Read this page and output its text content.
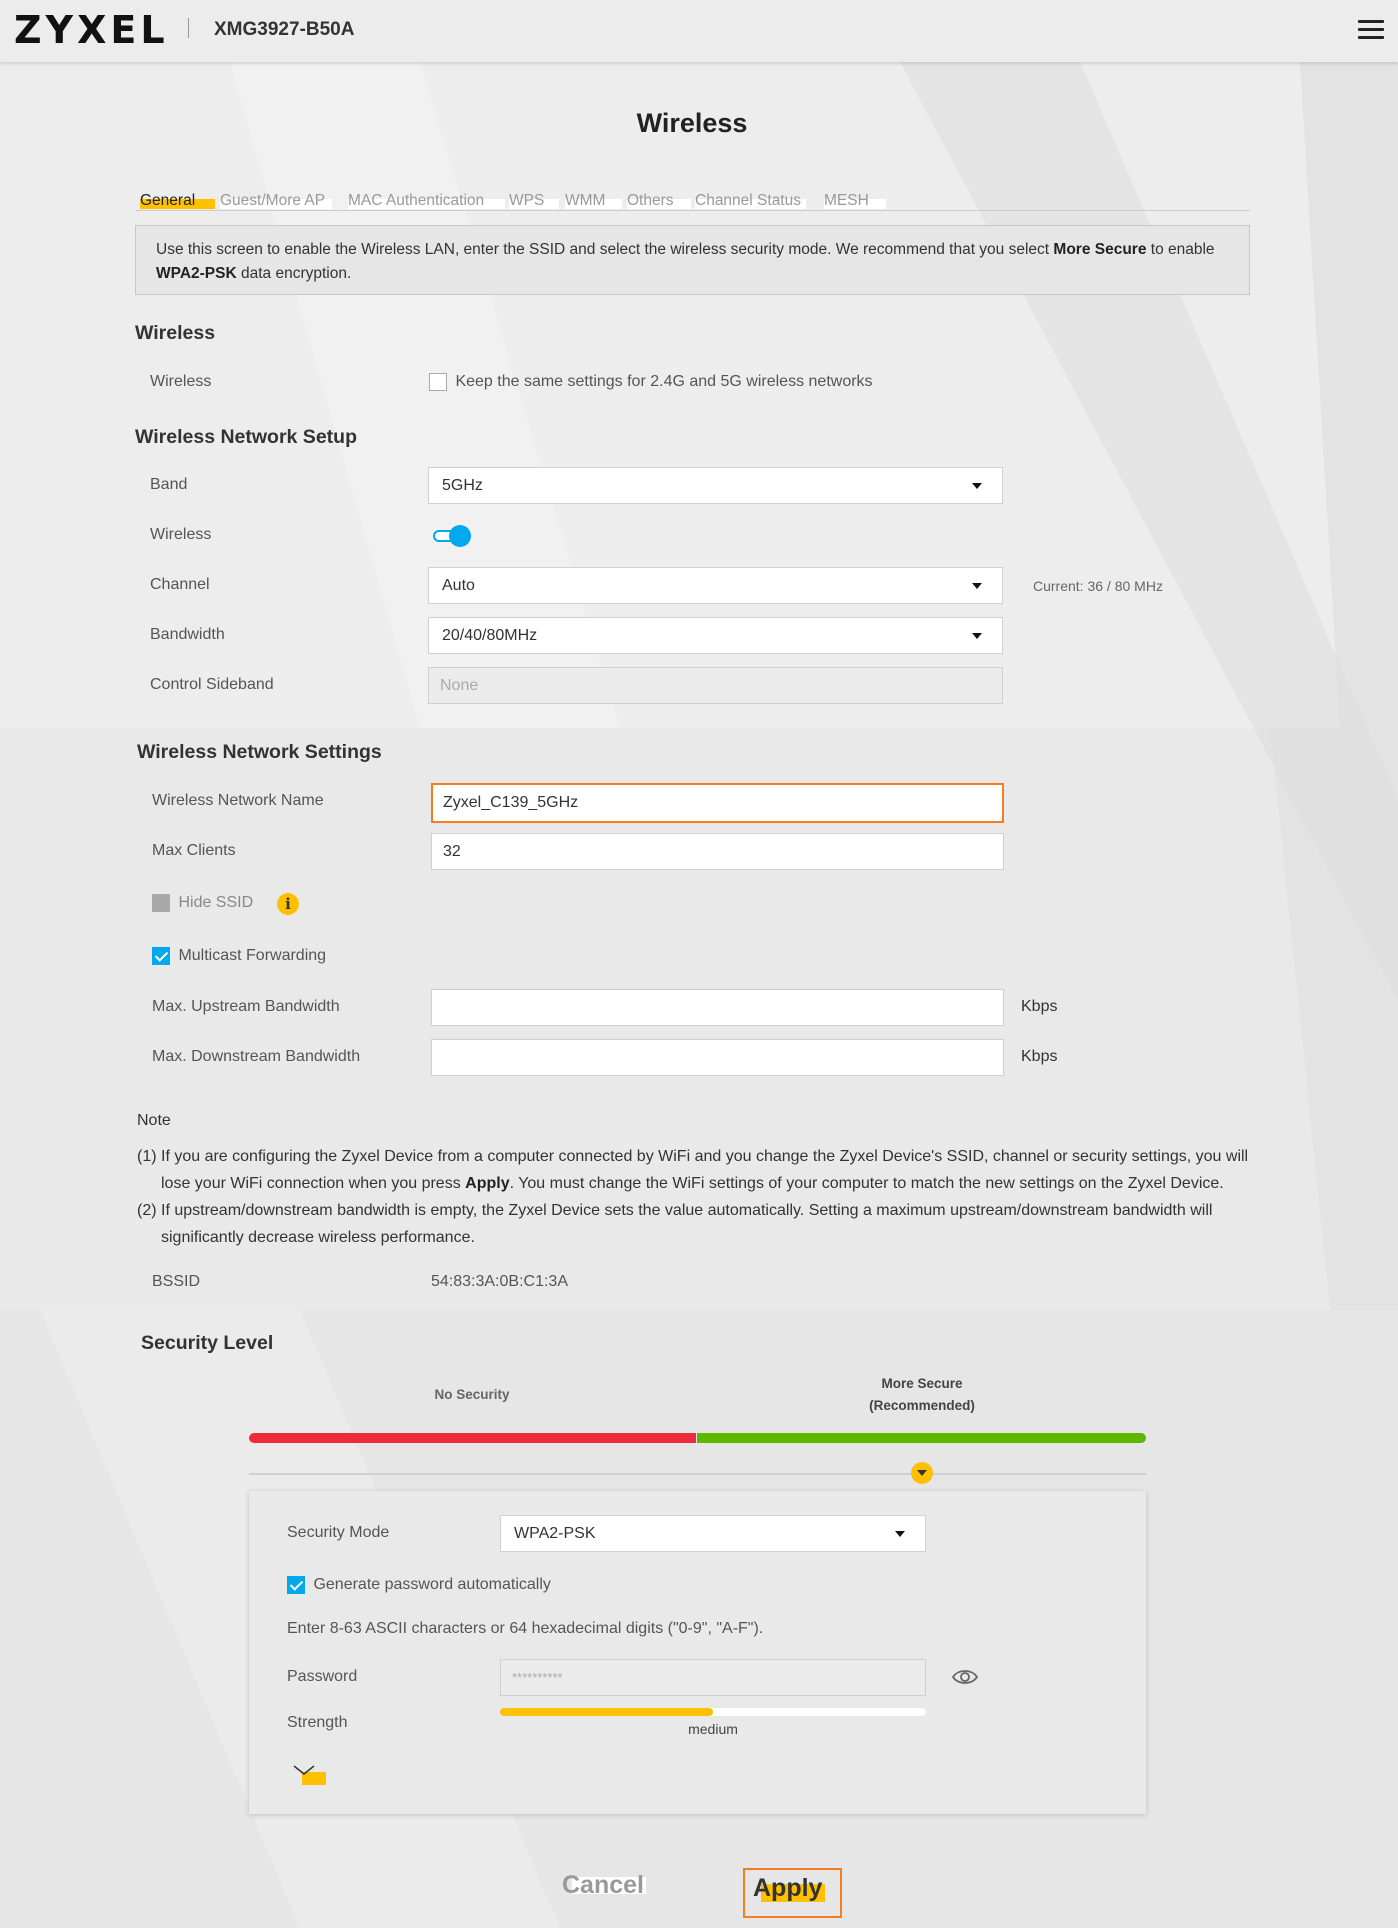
ZYXEL XMG3927-B50A
Wireless
General Guest/More AP MAC Authentication WPS WMM Others Channel Status MESH
Use this screen to enable the Wireless LAN, enter the SSID and select the wireless security mode. We recommend that you select More Secure to enable WPA2-PSK data encryption.
Wireless
Wireless	Keep the same settings for 2.4G and 5G wireless networks
Wireless Network Setup
Band	5GHz
Wireless
Channel	Auto	Current: 36 / 80 MHz
Bandwidth	20/40/80MHz
Control Sideband	None
Wireless Network Settings
Wireless Network Name	Zyxel_C139_5GHz
Max Clients	32
Hide SSID	i
Multicast Forwarding
Max. Upstream Bandwidth	Kbps
Max. Downstream Bandwidth	Kbps
Note
(1) If you are configuring the Zyxel Device from a computer connected by WiFi and you change the Zyxel Device's SSID, channel or security settings, you will
lose your WiFi connection when you press Apply. You must change the WiFi settings of your computer to match the new settings on the Zyxel Device.
(2) If upstream/downstream bandwidth is empty, the Zyxel Device sets the value automatically. Setting a maximum upstream/downstream bandwidth will
significantly decrease wireless performance.
BSSID	54:83:3A:0B:C1:3A
Security Level
No Security
More Secure
(Recommended)
Security Mode	WPA2-PSK
Generate password automatically
Enter 8-63 ASCII characters or 64 hexadecimal digits ("0-9", "A-F").
Password	**********
Strength	medium
Cancel	Apply
